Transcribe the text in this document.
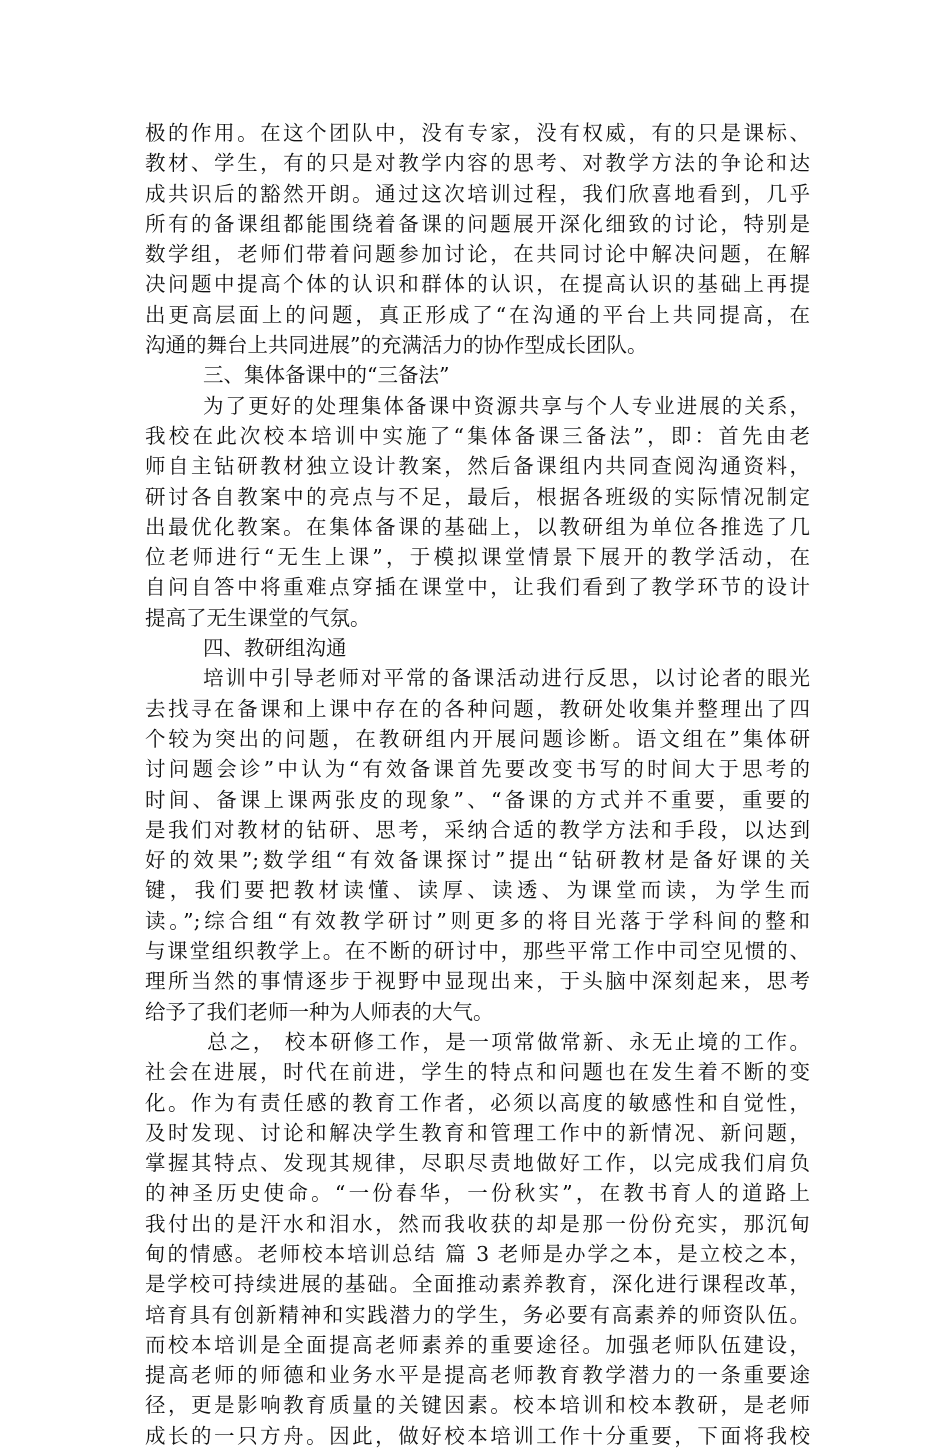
极的作用。在这个团队中，没有专家，没有权威，有的只是课标、
教材、学生，有的只是对教学内容的思考、对教学方法的争论和达
成共识后的豁然开朗。通过这次培训过程，我们欣喜地看到，几乎
所有的备课组都能围绕着备课的问题展开深化细致的讨论，特别是
数学组，老师们带着问题参加讨论，在共同讨论中解决问题，在解
决问题中提高个体的认识和群体的认识，在提高认识的基础上再提
出更高层面上的问题，真正形成了“在沟通的平台上共同提高，在
沟通的舞台上共同进展”的充满活力的协作型成长团队。
三、集体备课中的“三备法”
为了更好的处理集体备课中资源共享与个人专业进展的关系，
我校在此次校本培训中实施了“集体备课三备法”，即：首先由老
师自主钻研教材独立设计教案，然后备课组内共同查阅沟通资料，
研讨各自教案中的亮点与不足，最后，根据各班级的实际情况制定
出最优化教案。在集体备课的基础上，以教研组为单位各推选了几
位老师进行“无生上课”，于模拟课堂情景下展开的教学活动，在
自问自答中将重难点穿插在课堂中，让我们看到了教学环节的设计
提高了无生课堂的气氛。
四、教研组沟通
培训中引导老师对平常的备课活动进行反思，以讨论者的眼光
去找寻在备课和上课中存在的各种问题，教研处收集并整理出了四
个较为突出的问题，在教研组内开展问题诊断。语文组在”集体研
讨问题会诊”中认为“有效备课首先要改变书写的时间大于思考的
时间、备课上课两张皮的现象”、“备课的方式并不重要，重要的
是我们对教材的钻研、思考，采纳合适的教学方法和手段，以达到
好的效果”;数学组“有效备课探讨”提出“钻研教材是备好课的关
键，我们要把教材读懂、读厚、读透、为课堂而读，为学生而
读。”;综合组“有效教学研讨”则更多的将目光落于学科间的整和
与课堂组织教学上。在不断的研讨中，那些平常工作中司空见惯的、
理所当然的事情逐步于视野中显现出来，于头脑中深刻起来，思考
给予了我们老师一种为人师表的大气。
总之， 校本研修工作，是一项常做常新、永无止境的工作。
社会在进展，时代在前进，学生的特点和问题也在发生着不断的变
化。作为有责任感的教育工作者，必须以高度的敏感性和自觉性，
及时发现、讨论和解决学生教育和管理工作中的新情况、新问题，
掌握其特点、发现其规律，尽职尽责地做好工作，以完成我们肩负
的神圣历史使命。“一份春华，一份秋实”，在教书育人的道路上
我付出的是汗水和泪水，然而我收获的却是那一份份充实，那沉甸
甸的情感。老师校本培训总结 篇 3 老师是办学之本，是立校之本，
是学校可持续进展的基础。全面推动素养教育，深化进行课程改革，
培育具有创新精神和实践潜力的学生，务必要有高素养的师资队伍。
而校本培训是全面提高老师素养的重要途径。加强老师队伍建设，
提高老师的师德和业务水平是提高老师教育教学潜力的一条重要途
径，更是影响教育质量的关键因素。校本培训和校本教研，是老师
成长的一只方舟。因此，做好校本培训工作十分重要，下面将我校
